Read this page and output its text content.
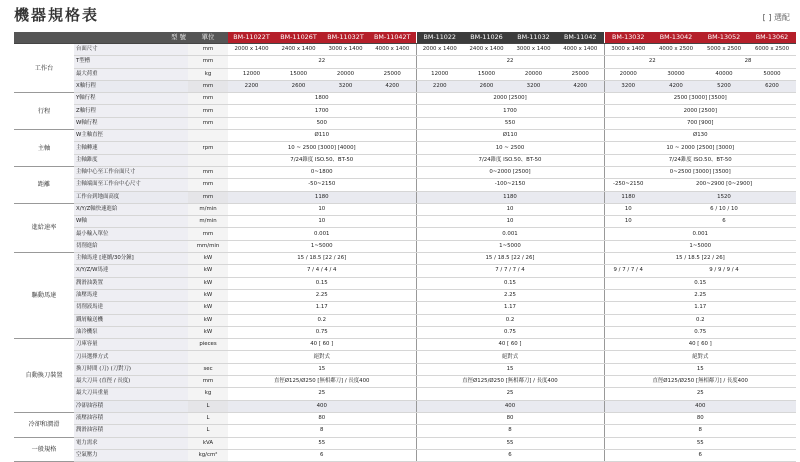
機器規格表	[ ] 選配
	型 號	單位	BM-11022T	BM-11026T	BM-11032T	BM-11042T	BM-11022	BM-11026	BM-11032	BM-11042	BM-13032	BM-13042	BM-13052	BM-13062
工作台	台面尺寸	mm	2000 x 1400	2400 x 1400	3000 x 1400	4000 x 1400	2000 x 1400	2400 x 1400	3000 x 1400	4000 x 1400	3000 x 1400	4000 x 2500	5000 x 2500	6000 x 2500
	T型槽	mm	22				22				22		28	
	最大荷重	kg	12000	15000	20000	25000	12000	15000	20000	25000	20000	30000	40000	50000
	X軸行程	mm	2200	2600	3200	4200	2200	2600	3200	4200	3200	4200	5200	6200
行程	Y軸行程	mm	1800				2000 [2500]				2500 [3000] [3500]			
	Z軸行程	mm	1700				1700				2000 [2500]			
	W軸行程	mm	500				550				700 [900]			
主軸	W主軸直徑		Ø110				Ø110				Ø130			
	主軸轉速	rpm	10 ~ 2500 [3000] [4000]				10 ~ 2500				10 ~ 2000 [2500] [3000]			
	主軸錐度		7/24錐度 ISO.50、BT-50				7/24錐度 ISO.50、BT-50				7/24錐度 ISO.50、BT-50			
距離	主軸中心至工作台面尺寸	mm	0~1800				0~2000 [2500]				0~2500 [3000] [3500]			
	主軸端面至工作台中心尺寸	mm	-50~2150				-100~2150				-250~2150	200~2900 [0~2900]		
	工作台到地面高度	mm	1180				1180				1180	1520		
進給速率	X/Y/Z軸快速進給	m/min	10				10				10	6 / 10 / 10		
	W軸	m/min	10				10				10	6		
	最小輸入單位	mm	0.001				0.001				0.001			
	切削進給	mm/min	1~5000				1~5000				1~5000			
驅動馬達	主軸馬達 [連續/30分鐘]	kW	15 / 18.5 [22 / 26]				15 / 18.5 [22 / 26]				15 / 18.5 [22 / 26]			
	X/Y/Z/W馬達	kW	7 / 4 / 4 / 4				7 / 7 / 7 / 4				9 / 7 / 7 / 4	9 / 9 / 9 / 4		
	潤滑油裝置	kW	0.15				0.15				0.15			
	油壓馬達	kW	2.25				2.25				2.25			
	切削液馬達	kW	1.17				1.17				1.17			
	鐵屑輸送機	kW	0.2				0.2				0.2			
	油冷機泵	kW	0.75				0.75				0.75			
自動換刀裝置	刀庫容量	pieces	40 [ 60 ]				40 [ 60 ]				40 [ 60 ]			
	刀具選擇方式		絕對式				絕對式				絕對式			
	換刀時間 (刀) (刀對刀)	sec	15				15				15			
	最大刀具 (直徑 / 長度)	mm	直徑Ø125/Ø250 [無相鄰刀] / 長度400				直徑Ø125/Ø250 [無相鄰刀] / 長度400				直徑Ø125/Ø250 [無相鄰刀] / 長度400			
	最大刀具重量	kg	25				25				25			
	冷卻油容積	L	400				400				400			
冷卻和潤滑	液壓油容積	L	80				80				80			
	潤滑油容積	L	8				8				8			
一般規格	電力需求	kVA	55				55				55			
	空氣壓力	kg/cm²	6				6				6			
